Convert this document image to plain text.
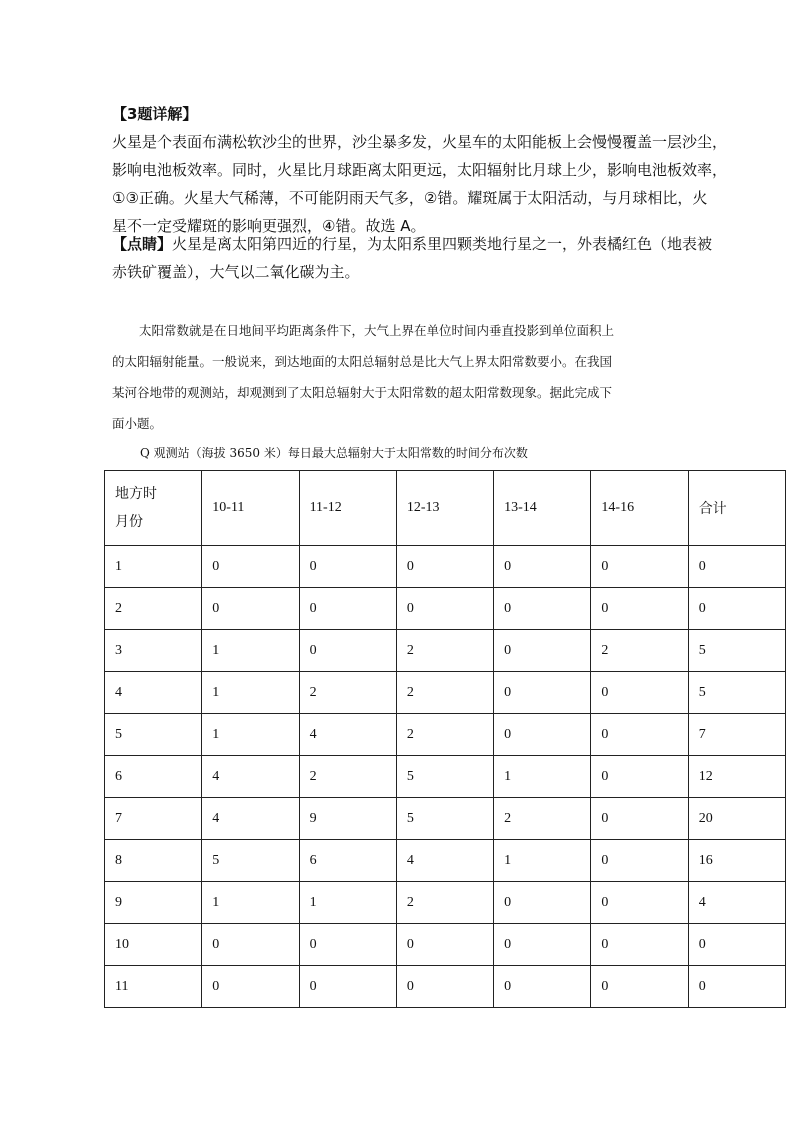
【3题详解】
火星是个表面布满松软沙尘的世界，沙尘暴多发，火星车的太阳能板上会慢慢覆盖一层沙尘，
影响电池板效率。同时，火星比月球距离太阳更远，太阳辐射比月球上少，影响电池板效率，
①③正确。火星大气稀薄，不可能阴雨天气多，②错。耀斑属于太阳活动，与月球相比，火
星不一定受耀斑的影响更强烈，④错。故选 A。

【点睛】火星是离太阳第四近的行星，为太阳系里四颗类地行星之一，外表橘红色（地表被
赤铁矿覆盖），大气以二氧化碳为主。

太阳常数就是在日地间平均距离条件下，大气上界在单位时间内垂直投影到单位面积上
的太阳辐射能量。一般说来，到达地面的太阳总辐射总是比大气上界太阳常数要小。在我国
某河谷地带的观测站，却观测到了太阳总辐射大于太阳常数的超太阳常数现象。据此完成下
面小题。

Q 观测站（海拔 3650 米）每日最大总辐射大于太阳常数的时间分布次数
地方时
月份	10-11	11-12	12-13	13-14	14-16	合计
1	0	0	0	0	0	0
2	0	0	0	0	0	0
3	1	0	2	0	2	5
4	1	2	2	0	0	5
5	1	4	2	0	0	7
6	4	2	5	1	0	12
7	4	9	5	2	0	20
8	5	6	4	1	0	16
9	1	1	2	0	0	4
10	0	0	0	0	0	0
11	0	0	0	0	0	0
